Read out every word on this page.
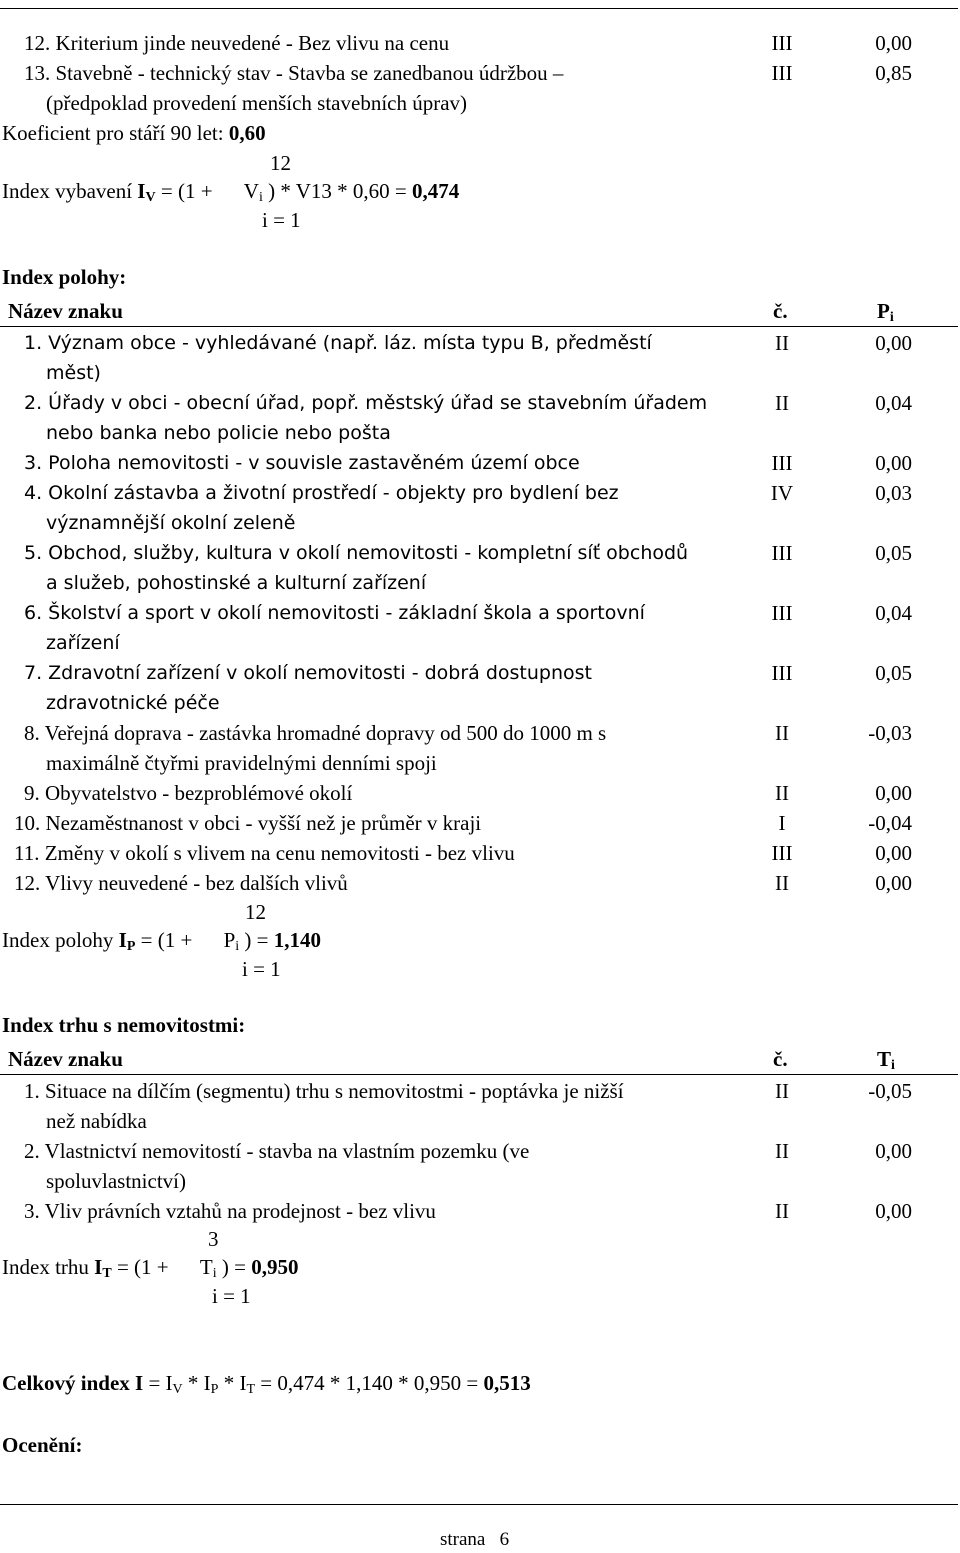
12. Kriterium jinde neuvedené - Bez vlivu na cenu	III	0,00
13. Stavebně - technický stav - Stavba se zanedbanou údržbou –
(předpoklad provedení menších stavebních úprav)
III	0,85
Koeficient pro stáří 90 let: 0,60
12
Index vybavení $I_V = (1 + V_i$ ) * V13 * 0,60 = 0,474
i = 1
Index polohy:
Název znaku	č.	$P_i$
1. Význam obce - vyhledávané (např. láz. místa typu B, předměstí
měst)
II	0,00
2. Úřady v obci - obecní úřad, popř. městský úřad se stavebním úřadem
nebo banka nebo policie nebo pošta
II	0,04
3. Poloha nemovitosti - v souvisle zastavěném území obce	III	0,00
4. Okolní zástavba a životní prostředí - objekty pro bydlení bez
významnější okolní zeleně
IV	0,03
5. Obchod, služby, kultura v okolí nemovitosti - kompletní síť obchodů
a služeb, pohostinské a kulturní zařízení
III	0,05
6. Školství a sport v okolí nemovitosti - základní škola a sportovní
zařízení
III	0,04
7. Zdravotní zařízení v okolí nemovitosti - dobrá dostupnost
zdravotnické péče
III	0,05
8. Veřejná doprava - zastávka hromadné dopravy od 500 do 1000 m s
maximálně čtyřmi pravidelnými denními spoji
II	-0,03
9. Obyvatelstvo - bezproblémové okolí	II	0,00
10. Nezaměstnanost v obci - vyšší než je průměr v kraji	I	-0,04
11. Změny v okolí s vlivem na cenu nemovitosti - bez vlivu	III	0,00
12. Vlivy neuvedené - bez dalších vlivů	II	0,00
12
Index polohy $I_P = (1 + P_i$ ) = 1,140
i = 1
Index trhu s nemovitostmi:
Název znaku	č.	$T_i$
1. Situace na dílčím (segmentu) trhu s nemovitostmi - poptávka je nižší
než nabídka
II	-0,05
2. Vlastnictví nemovitostí - stavba na vlastním pozemku (ve
spoluvlastnictví)
II	0,00
3. Vliv právních vztahů na prodejnost - bez vlivu	II	0,00
3
Index trhu $I_T = (1 + T_i$ ) = 0,950
i = 1
Celkový index $I = I_V * I_P * I_T = 0,474 * 1,140 * 0,950 = 0,513$
Ocenění:
strana   6
